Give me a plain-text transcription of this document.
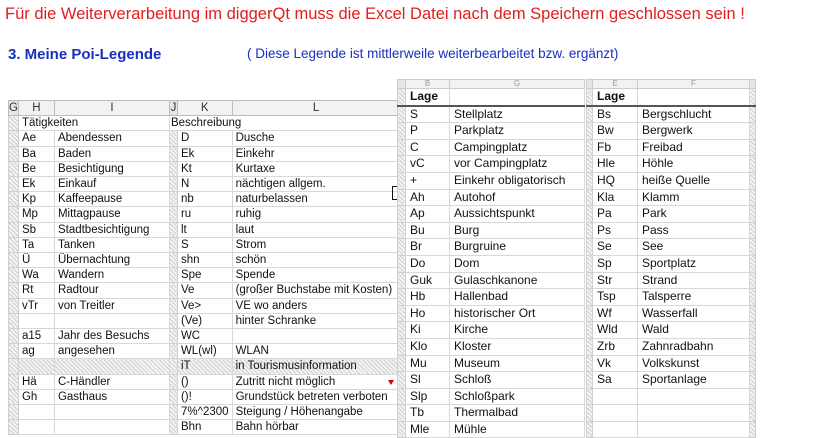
Für die Weiterverarbeitung im diggerQt muss die Excel Datei nach dem Speichern geschlossen sein !
3. Meine Poi-Legende	( Diese Legende ist mittlerweile weiterbearbeitet bzw. ergänzt)
G	H	I	J	K	L
	Tätigkeiten		Beschreibung		
	Ae	Abendessen		D	Dusche
	Ba	Baden		Ek	Einkehr
	Be	Besichtigung		Kt	Kurtaxe
	Ek	Einkauf		N	nächtigen allgem.
	Kp	Kaffeepause		nb	naturbelassen
	Mp	Mittagpause		ru	ruhig
	Sb	Stadtbesichtigung		lt	laut
	Ta	Tanken		S	Strom
	Ü	Übernachtung		shn	schön
	Wa	Wandern		Spe	Spende
	Rt	Radtour		Ve	(großer Buchstabe mit Kosten)
	vTr	von Treitler		Ve>	VE wo anders
				(Ve)	hinter Schranke
	a15	Jahr des Besuchs		WC	
	ag	angesehen		WL(wl)	WLAN
				iT	in Tourismusinformation
	Hä	C-Händler		()	Zutritt nicht möglich
	Gh	Gasthaus		()!	Grundstück betreten verboten
				7%^2300	Steigung / Höhenangabe
				Bhn	Bahn hörbar
	B	G
	Lage	
	S	Stellplatz
	P	Parkplatz
	C	Campingplatz
	vC	vor Campingplatz
	+	Einkehr obligatorisch
	Ah	Autohof
	Ap	Aussichtspunkt
	Bu	Burg
	Br	Burgruine
	Do	Dom
	Guk	Gulaschkanone
	Hb	Hallenbad
	Ho	historischer Ort
	Ki	Kirche
	Klo	Kloster
	Mu	Museum
	Sl	Schloß
	Slp	Schloßpark
	Tb	Thermalbad
	Mle	Mühle
	E	F	
	Lage		
	Bs	Bergschlucht	
	Bw	Bergwerk	
	Fb	Freibad	
	Hle	Höhle	
	HQ	heiße Quelle	
	Kla	Klamm	
	Pa	Park	
	Ps	Pass	
	Se	See	
	Sp	Sportplatz	
	Str	Strand	
	Tsp	Talsperre	
	Wf	Wasserfall	
	Wld	Wald	
	Zrb	Zahnradbahn	
	Vk	Volkskunst	
	Sa	Sportanlage	
